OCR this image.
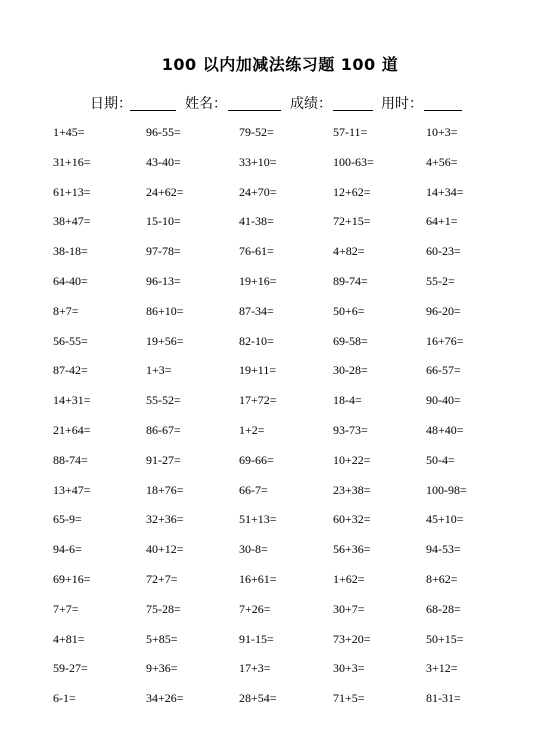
100 以内加减法练习题 100 道
日期：	姓名：	成绩：	用时：
1+45=	96-55=	79-52=	57-11=	10+3=
31+16=	43-40=	33+10=	100-63=	4+56=
61+13=	24+62=	24+70=	12+62=	14+34=
38+47=	15-10=	41-38=	72+15=	64+1=
38-18=	97-78=	76-61=	4+82=	60-23=
64-40=	96-13=	19+16=	89-74=	55-2=
8+7=	86+10=	87-34=	50+6=	96-20=
56-55=	19+56=	82-10=	69-58=	16+76=
87-42=	1+3=	19+11=	30-28=	66-57=
14+31=	55-52=	17+72=	18-4=	90-40=
21+64=	86-67=	1+2=	93-73=	48+40=
88-74=	91-27=	69-66=	10+22=	50-4=
13+47=	18+76=	66-7=	23+38=	100-98=
65-9=	32+36=	51+13=	60+32=	45+10=
94-6=	40+12=	30-8=	56+36=	94-53=
69+16=	72+7=	16+61=	1+62=	8+62=
7+7=	75-28=	7+26=	30+7=	68-28=
4+81=	5+85=	91-15=	73+20=	50+15=
59-27=	9+36=	17+3=	30+3=	3+12=
6-1=	34+26=	28+54=	71+5=	81-31=
